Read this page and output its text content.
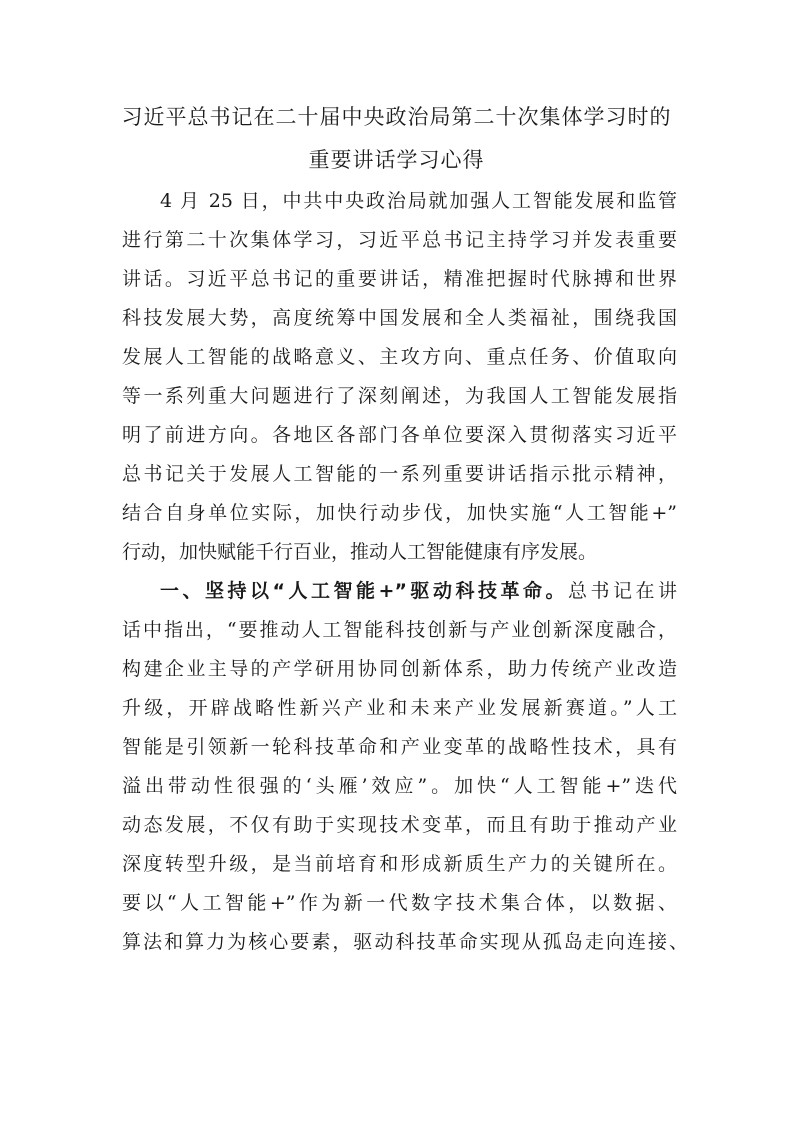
习近平总书记在二十届中央政治局第二十次集体学习时的
重要讲话学习心得
4 月 25 日，中共中央政治局就加强人工智能发展和监管
进行第二十次集体学习，习近平总书记主持学习并发表重要
讲话。习近平总书记的重要讲话，精准把握时代脉搏和世界
科技发展大势，高度统筹中国发展和全人类福祉，围绕我国
发展人工智能的战略意义、主攻方向、重点任务、价值取向
等一系列重大问题进行了深刻阐述，为我国人工智能发展指
明了前进方向。各地区各部门各单位要深入贯彻落实习近平
总书记关于发展人工智能的一系列重要讲话指示批示精神，
结合自身单位实际，加快行动步伐，加快实施“人工智能+”
行动，加快赋能千行百业，推动人工智能健康有序发展。
一、坚持以“人工智能+”驱动科技革命。总书记在讲
话中指出，“要推动人工智能科技创新与产业创新深度融合，
构建企业主导的产学研用协同创新体系，助力传统产业改造
升级，开辟战略性新兴产业和未来产业发展新赛道。”人工
智能是引领新一轮科技革命和产业变革的战略性技术，具有
溢出带动性很强的‘头雁’效应”。加快“人工智能+”迭代
动态发展，不仅有助于实现技术变革，而且有助于推动产业
深度转型升级，是当前培育和形成新质生产力的关键所在。
要以“人工智能+”作为新一代数字技术集合体，以数据、
算法和算力为核心要素，驱动科技革命实现从孤岛走向连接、
